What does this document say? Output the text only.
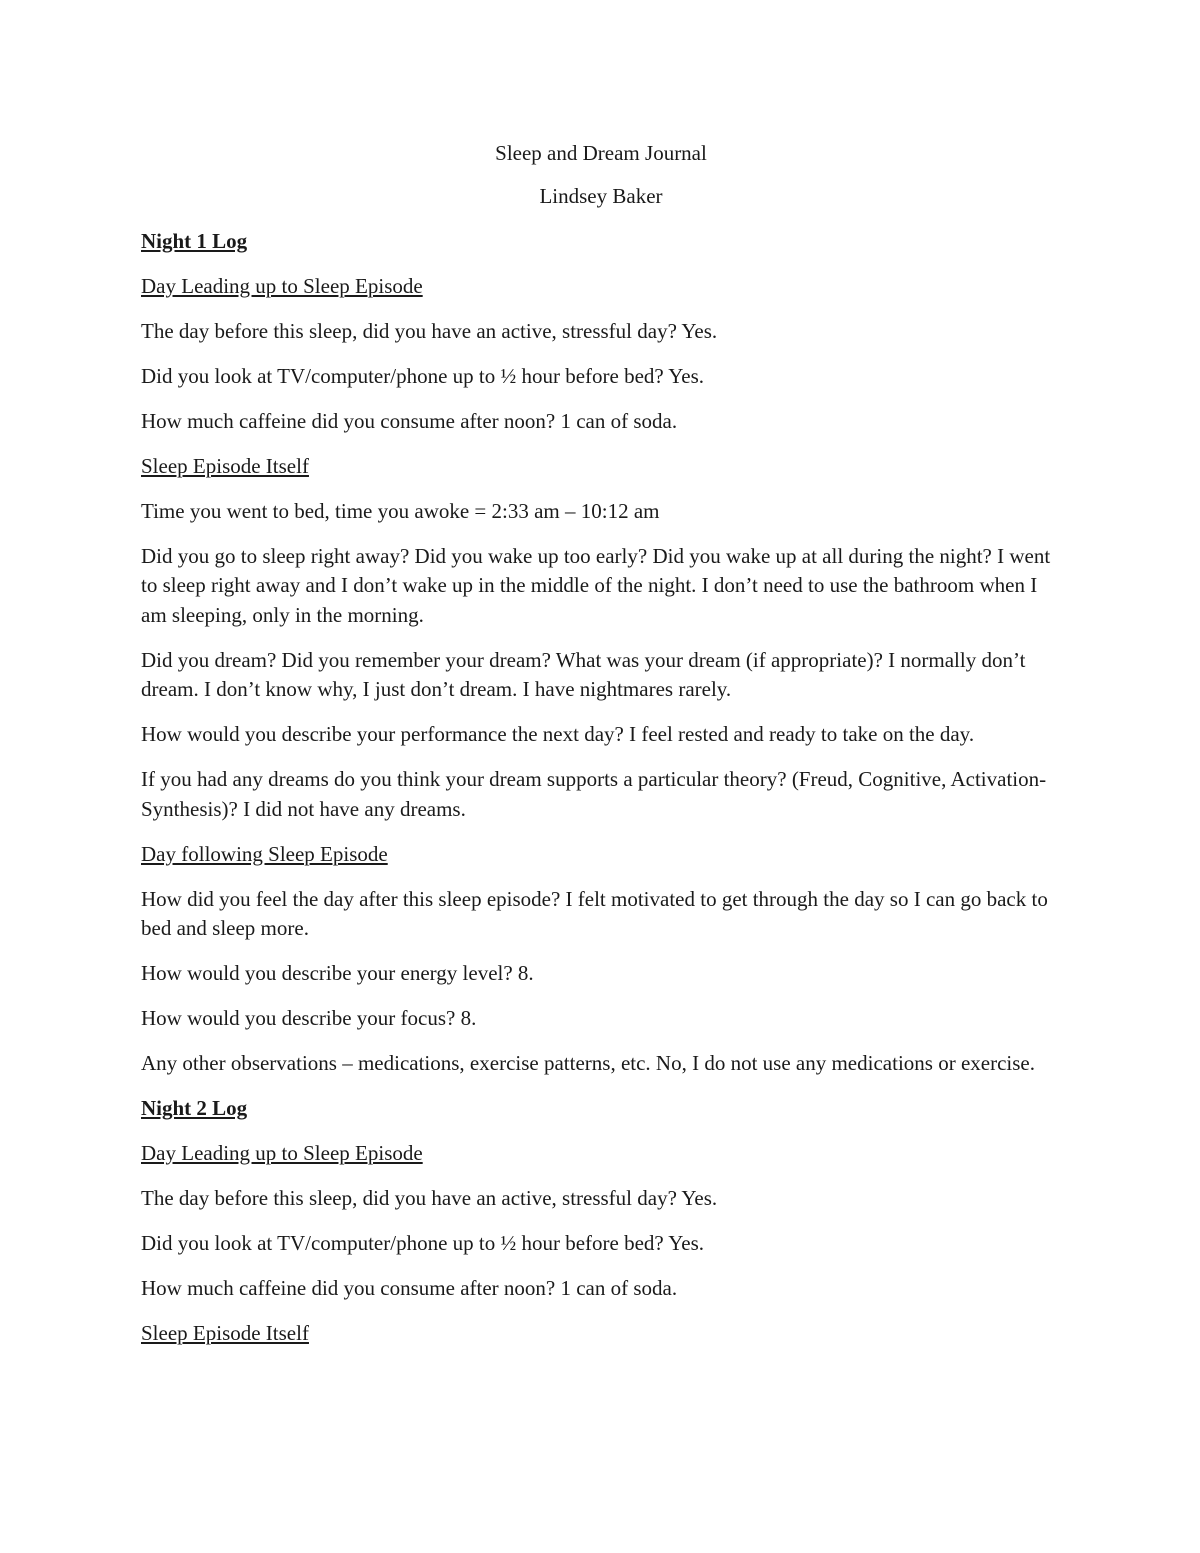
Sleep and Dream Journal

Lindsey Baker

Night 1 Log

Day Leading up to Sleep Episode

The day before this sleep, did you have an active, stressful day? Yes.

Did you look at TV/computer/phone up to ½ hour before bed? Yes.

How much caffeine did you consume after noon? 1 can of soda.

Sleep Episode Itself

Time you went to bed, time you awoke = 2:33 am – 10:12 am

Did you go to sleep right away? Did you wake up too early? Did you wake up at all during the night? I went to sleep right away and I don’t wake up in the middle of the night. I don’t need to use the bathroom when I am sleeping, only in the morning.

Did you dream? Did you remember your dream? What was your dream (if appropriate)? I normally don’t dream. I don’t know why, I just don’t dream. I have nightmares rarely.

How would you describe your performance the next day? I feel rested and ready to take on the day.

If you had any dreams do you think your dream supports a particular theory? (Freud, Cognitive, Activation-Synthesis)? I did not have any dreams.

Day following Sleep Episode

How did you feel the day after this sleep episode? I felt motivated to get through the day so I can go back to bed and sleep more.

How would you describe your energy level? 8.

How would you describe your focus? 8.

Any other observations – medications, exercise patterns, etc. No, I do not use any medications or exercise.

Night 2 Log

Day Leading up to Sleep Episode

The day before this sleep, did you have an active, stressful day? Yes.

Did you look at TV/computer/phone up to ½ hour before bed? Yes.

How much caffeine did you consume after noon? 1 can of soda.

Sleep Episode Itself
